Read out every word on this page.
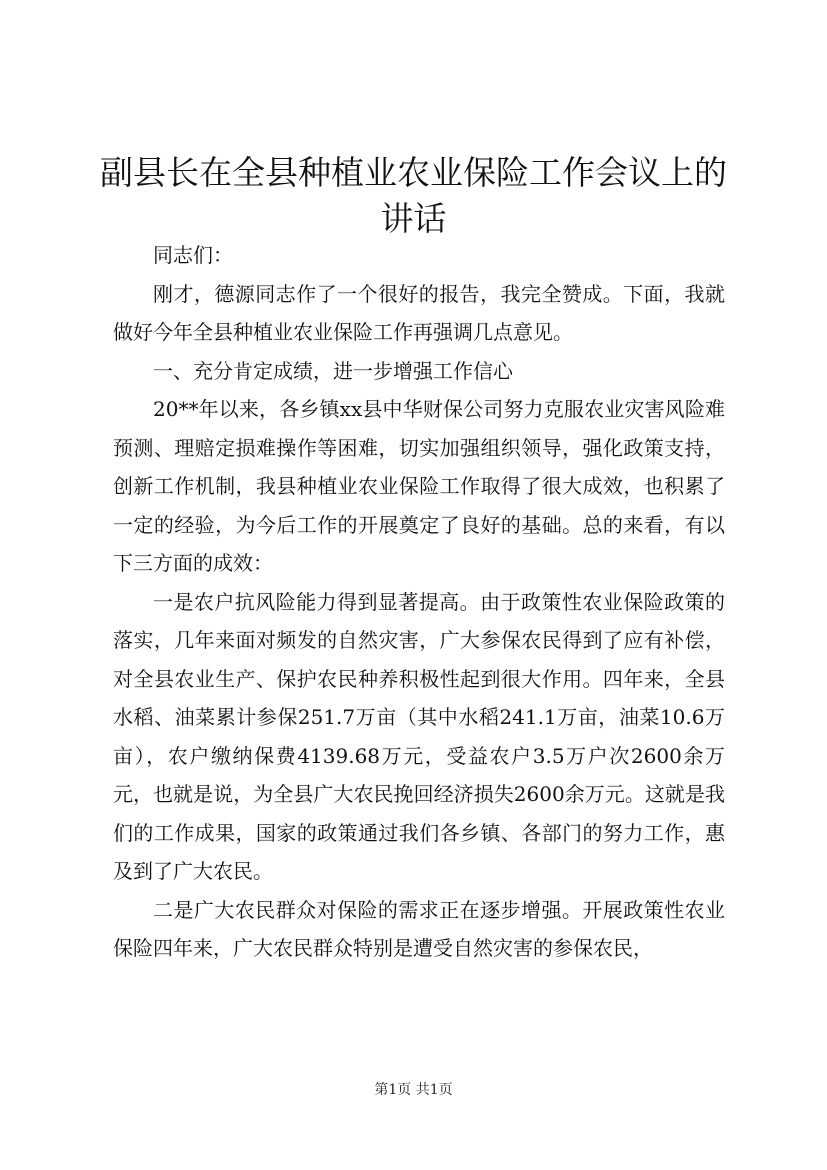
副县长在全县种植业农业保险工作会议上的讲话

同志们：

刚才，德源同志作了一个很好的报告，我完全赞成。下面，我就做好今年全县种植业农业保险工作再强调几点意见。

一、充分肯定成绩，进一步增强工作信心

20**年以来，各乡镇xx县中华财保公司努力克服农业灾害风险难预测、理赔定损难操作等困难，切实加强组织领导，强化政策支持，创新工作机制，我县种植业农业保险工作取得了很大成效，也积累了一定的经验，为今后工作的开展奠定了良好的基础。总的来看，有以下三方面的成效：

一是农户抗风险能力得到显著提高。由于政策性农业保险政策的落实，几年来面对频发的自然灾害，广大参保农民得到了应有补偿，对全县农业生产、保护农民种养积极性起到很大作用。四年来，全县水稻、油菜累计参保251.7万亩（其中水稻241.1万亩，油菜10.6万亩），农户缴纳保费4139.68万元，受益农户3.5万户次2600余万元，也就是说，为全县广大农民挽回经济损失2600余万元。这就是我们的工作成果，国家的政策通过我们各乡镇、各部门的努力工作，惠及到了广大农民。

二是广大农民群众对保险的需求正在逐步增强。开展政策性农业保险四年来，广大农民群众特别是遭受自然灾害的参保农民，

第1页 共1页
